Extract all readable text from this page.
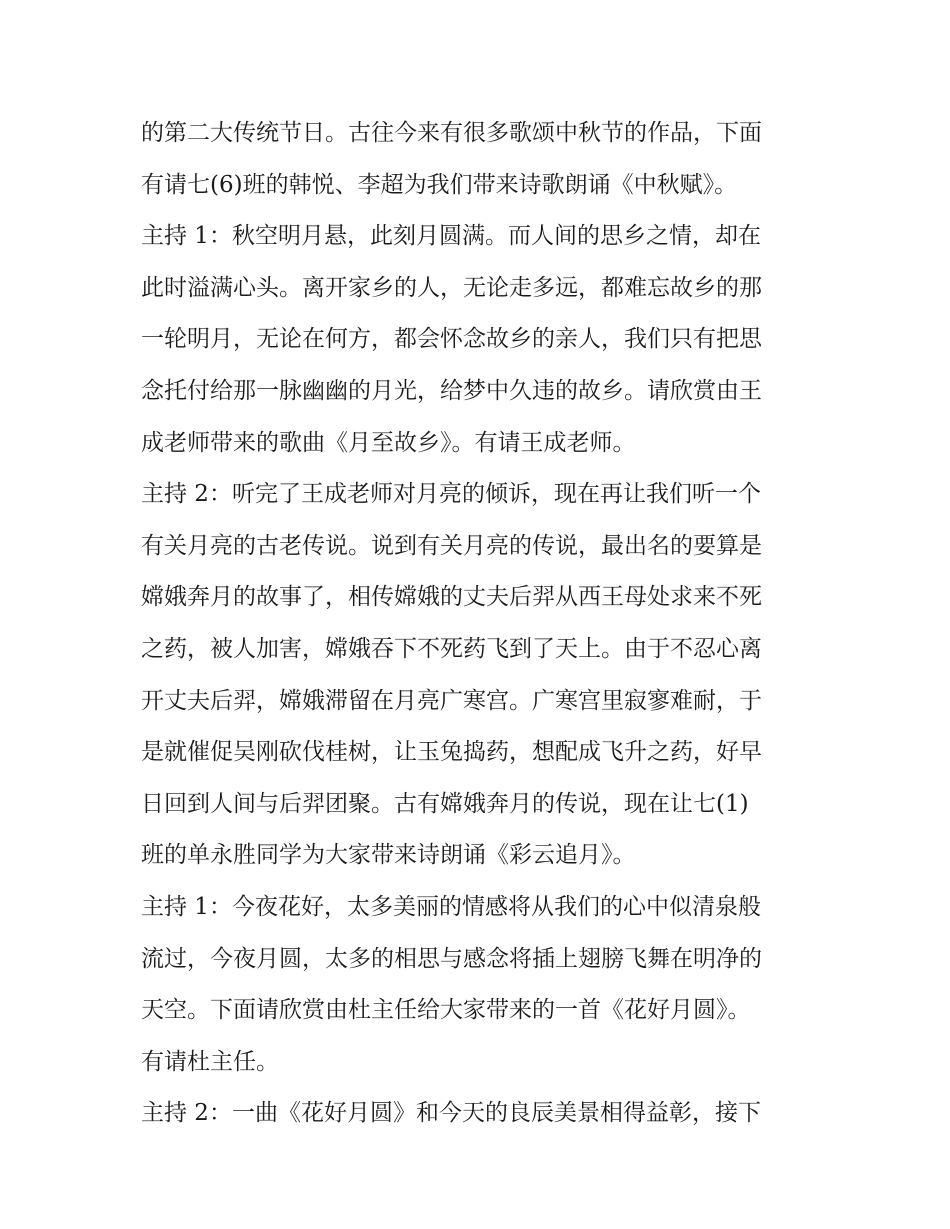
的第二大传统节日。古往今来有很多歌颂中秋节的作品，下面
有请七(6)班的韩悦、李超为我们带来诗歌朗诵《中秋赋》。
主持 1：秋空明月悬，此刻月圆满。而人间的思乡之情，却在
此时溢满心头。离开家乡的人，无论走多远，都难忘故乡的那
一轮明月，无论在何方，都会怀念故乡的亲人，我们只有把思
念托付给那一脉幽幽的月光，给梦中久违的故乡。请欣赏由王
成老师带来的歌曲《月至故乡》。有请王成老师。
主持 2：听完了王成老师对月亮的倾诉，现在再让我们听一个
有关月亮的古老传说。说到有关月亮的传说，最出名的要算是
嫦娥奔月的故事了，相传嫦娥的丈夫后羿从西王母处求来不死
之药，被人加害，嫦娥吞下不死药飞到了天上。由于不忍心离
开丈夫后羿，嫦娥滞留在月亮广寒宫。广寒宫里寂寥难耐，于
是就催促吴刚砍伐桂树，让玉兔捣药，想配成飞升之药，好早
日回到人间与后羿团聚。古有嫦娥奔月的传说，现在让七(1)
班的单永胜同学为大家带来诗朗诵《彩云追月》。
主持 1：今夜花好，太多美丽的情感将从我们的心中似清泉般
流过，今夜月圆，太多的相思与感念将插上翅膀飞舞在明净的
天空。下面请欣赏由杜主任给大家带来的一首《花好月圆》。
有请杜主任。
主持 2：一曲《花好月圆》和今天的良辰美景相得益彰，接下
